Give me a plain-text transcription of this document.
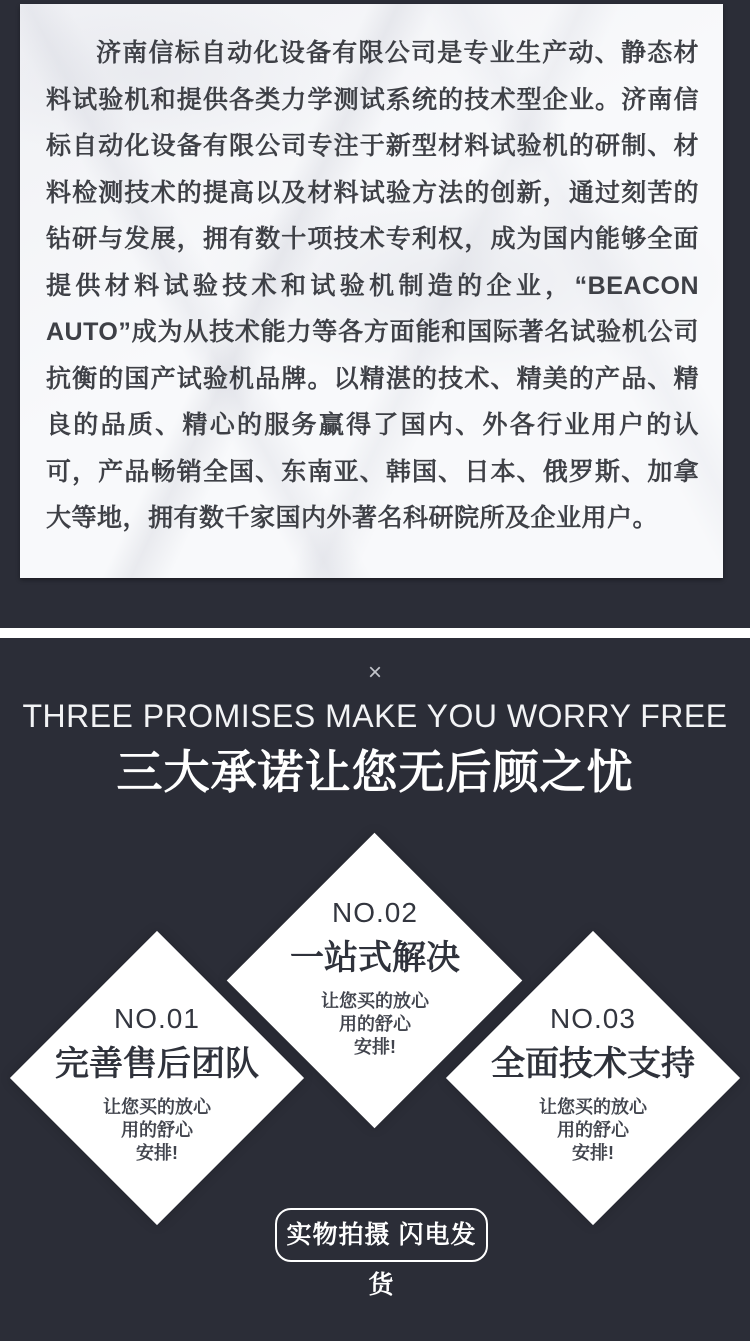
济南信标自动化设备有限公司是专业生产动、静态材料试验机和提供各类力学测试系统的技术型企业。济南信标自动化设备有限公司专注于新型材料试验机的研制、材料检测技术的提高以及材料试验方法的创新，通过刻苦的钻研与发展，拥有数十项技术专利权，成为国内能够全面提供材料试验技术和试验机制造的企业，“BEACON AUTO”成为从技术能力等各方面能和国际著名试验机公司抗衡的国产试验机品牌。以精湛的技术、精美的产品、精良的品质、精心的服务赢得了国内、外各行业用户的认可，产品畅销全国、东南亚、韩国、日本、俄罗斯、加拿大等地，拥有数千家国内外著名科研院所及企业用户。
×
THREE PROMISES MAKE YOU WORRY FREE
三大承诺让您无后顾之忧
NO.02
一站式解决
让您买的放心
用的舒心
安排!
NO.01
完善售后团队
让您买的放心
用的舒心
安排!
NO.03
全面技术支持
让您买的放心
用的舒心
安排!
实物拍摄 闪电发货
